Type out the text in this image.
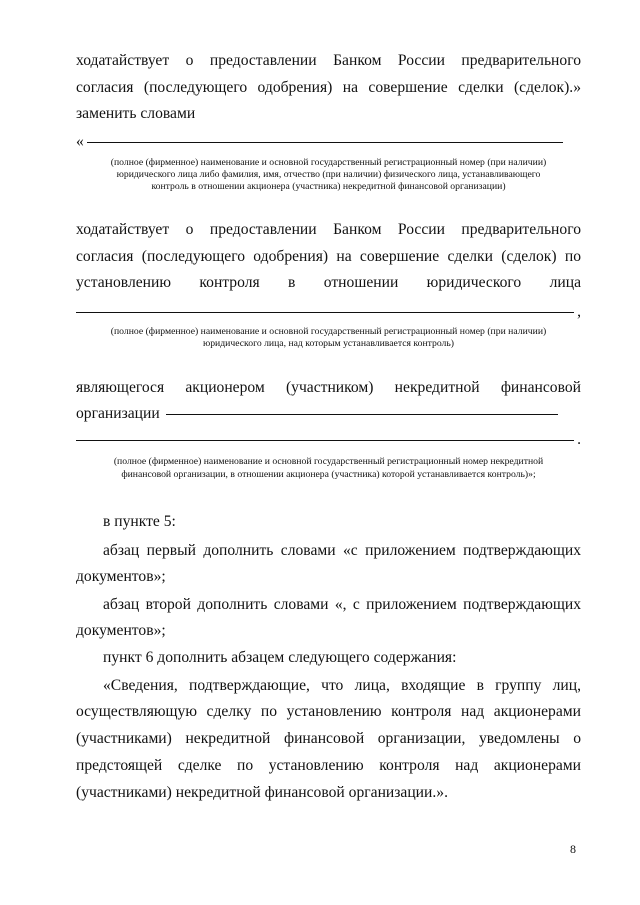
ходатайствует о предоставлении Банком России предварительного
согласия (последующего одобрения) на совершение сделки (сделок).»
заменить словами
«
(полное (фирменное) наименование и основной государственный регистрационный номер (при наличии)
юридического лица либо фамилия, имя, отчество (при наличии) физического лица, устанавливающего
контроль в отношении акционера (участника) некредитной финансовой организации)
ходатайствует о предоставлении Банком России предварительного
согласия (последующего одобрения) на совершение сделки (сделок) по
установлению контроля в отношении юридического лица
,
(полное (фирменное) наименование и основной государственный регистрационный номер (при наличии)
юридического лица, над которым устанавливается контроль)
являющегося акционером (участником) некредитной финансовой
организации
.
(полное (фирменное) наименование и основной государственный регистрационный номер некредитной
финансовой организации, в отношении акционера (участника) которой устанавливается контроль)»;
в пункте 5:
абзац первый дополнить словами «с приложением подтверждающих
документов»;
абзац второй дополнить словами «, с приложением подтверждающих
документов»;
пункт 6 дополнить абзацем следующего содержания:
«Сведения, подтверждающие, что лица, входящие в группу лиц,
осуществляющую сделку по установлению контроля над акционерами
(участниками) некредитной финансовой организации, уведомлены о
предстоящей сделке по установлению контроля над акционерами
(участниками) некредитной финансовой организации.».
8
